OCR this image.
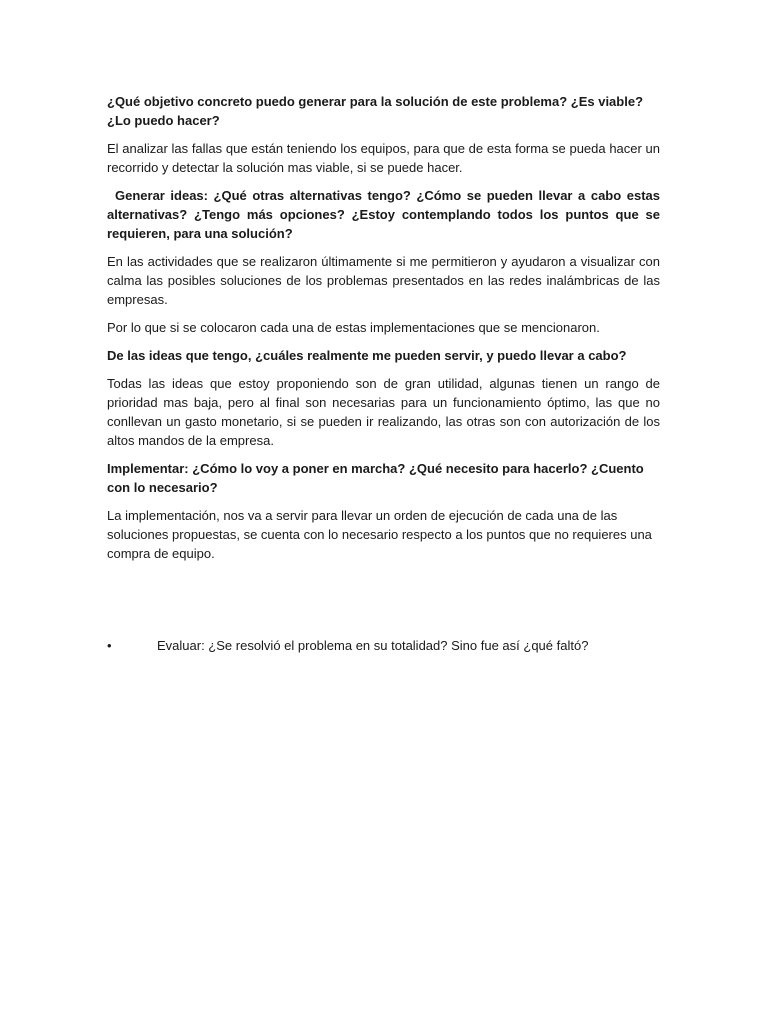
¿Qué objetivo concreto puedo generar para la solución de este problema? ¿Es viable? ¿Lo puedo hacer?

El analizar las fallas que están teniendo los equipos, para que de esta forma se pueda hacer un recorrido y detectar la solución mas viable, si se puede hacer.

Generar ideas: ¿Qué otras alternativas tengo? ¿Cómo se pueden llevar a cabo estas alternativas? ¿Tengo más opciones? ¿Estoy contemplando todos los puntos que se requieren, para una solución?

En las actividades que se realizaron últimamente si me permitieron y ayudaron a visualizar con calma las posibles soluciones de los problemas presentados en las redes inalámbricas de las empresas.

Por lo que si se colocaron cada una de estas implementaciones que se mencionaron.

De las ideas que tengo, ¿cuáles realmente me pueden servir, y puedo llevar a cabo?

Todas las ideas que estoy proponiendo son de gran utilidad, algunas tienen un rango de prioridad mas baja, pero al final son necesarias para un funcionamiento óptimo, las que no conllevan un gasto monetario, si se pueden ir realizando, las otras son con autorización de los altos mandos de la empresa.

Implementar: ¿Cómo lo voy a poner en marcha? ¿Qué necesito para hacerlo? ¿Cuento con lo necesario?

La implementación, nos va a servir para llevar un orden de ejecución de cada una de las soluciones propuestas, se cuenta con lo necesario respecto a los puntos que no requieres una compra de equipo.

•	Evaluar: ¿Se resolvió el problema en su totalidad? Sino fue así ¿qué faltó?
